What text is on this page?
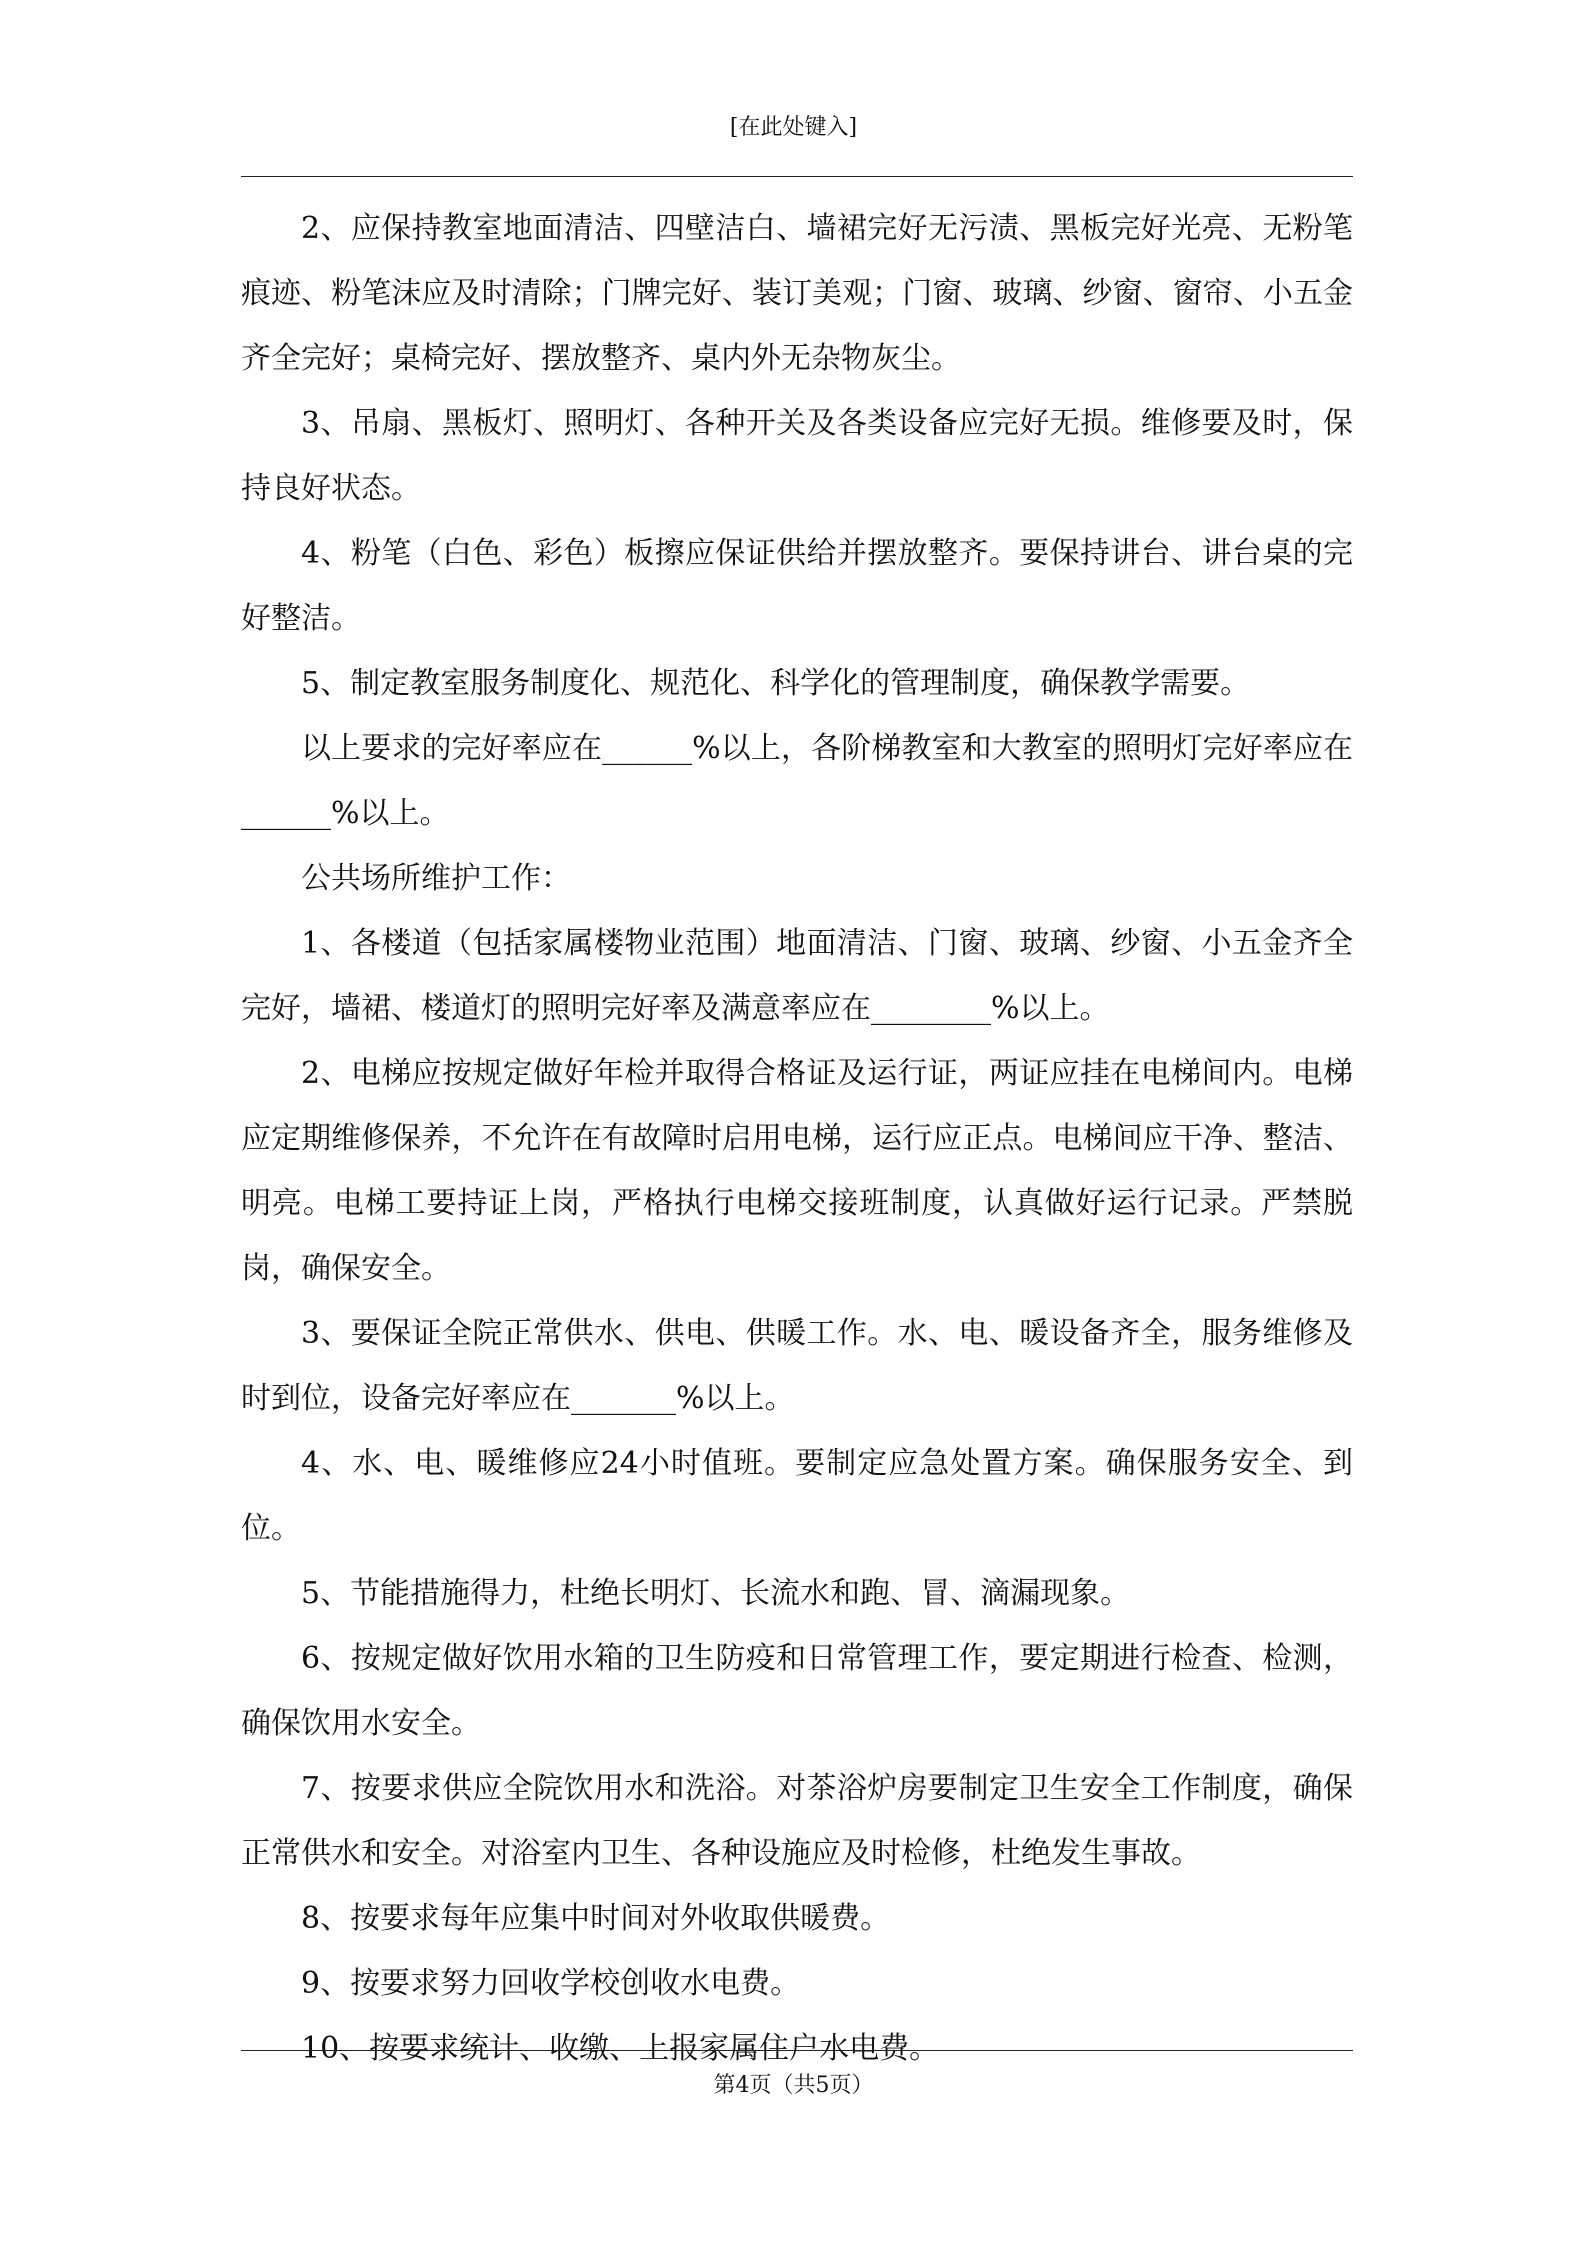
[在此处键入]

2、应保持教室地面清洁、四壁洁白、墙裙完好无污渍、黑板完好光亮、无粉笔痕迹、粉笔沫应及时清除；门牌完好、装订美观；门窗、玻璃、纱窗、窗帘、小五金齐全完好；桌椅完好、摆放整齐、桌内外无杂物灰尘。

3、吊扇、黑板灯、照明灯、各种开关及各类设备应完好无损。维修要及时，保持良好状态。

4、粉笔（白色、彩色）板擦应保证供给并摆放整齐。要保持讲台、讲台桌的完好整洁。

5、制定教室服务制度化、规范化、科学化的管理制度，确保教学需要。

以上要求的完好率应在______%以上，各阶梯教室和大教室的照明灯完好率应在______%以上。

公共场所维护工作：

1、各楼道（包括家属楼物业范围）地面清洁、门窗、玻璃、纱窗、小五金齐全完好，墙裙、楼道灯的照明完好率及满意率应在________%以上。

2、电梯应按规定做好年检并取得合格证及运行证，两证应挂在电梯间内。电梯应定期维修保养，不允许在有故障时启用电梯，运行应正点。电梯间应干净、整洁、明亮。电梯工要持证上岗，严格执行电梯交接班制度，认真做好运行记录。严禁脱岗，确保安全。

3、要保证全院正常供水、供电、供暖工作。水、电、暖设备齐全，服务维修及时到位，设备完好率应在_______%以上。

4、水、电、暖维修应24小时值班。要制定应急处置方案。确保服务安全、到位。

5、节能措施得力，杜绝长明灯、长流水和跑、冒、滴漏现象。

6、按规定做好饮用水箱的卫生防疫和日常管理工作，要定期进行检查、检测，确保饮用水安全。

7、按要求供应全院饮用水和洗浴。对茶浴炉房要制定卫生安全工作制度，确保正常供水和安全。对浴室内卫生、各种设施应及时检修，杜绝发生事故。

8、按要求每年应集中时间对外收取供暖费。

9、按要求努力回收学校创收水电费。

10、按要求统计、收缴、上报家属住户水电费。

第4页（共5页）
